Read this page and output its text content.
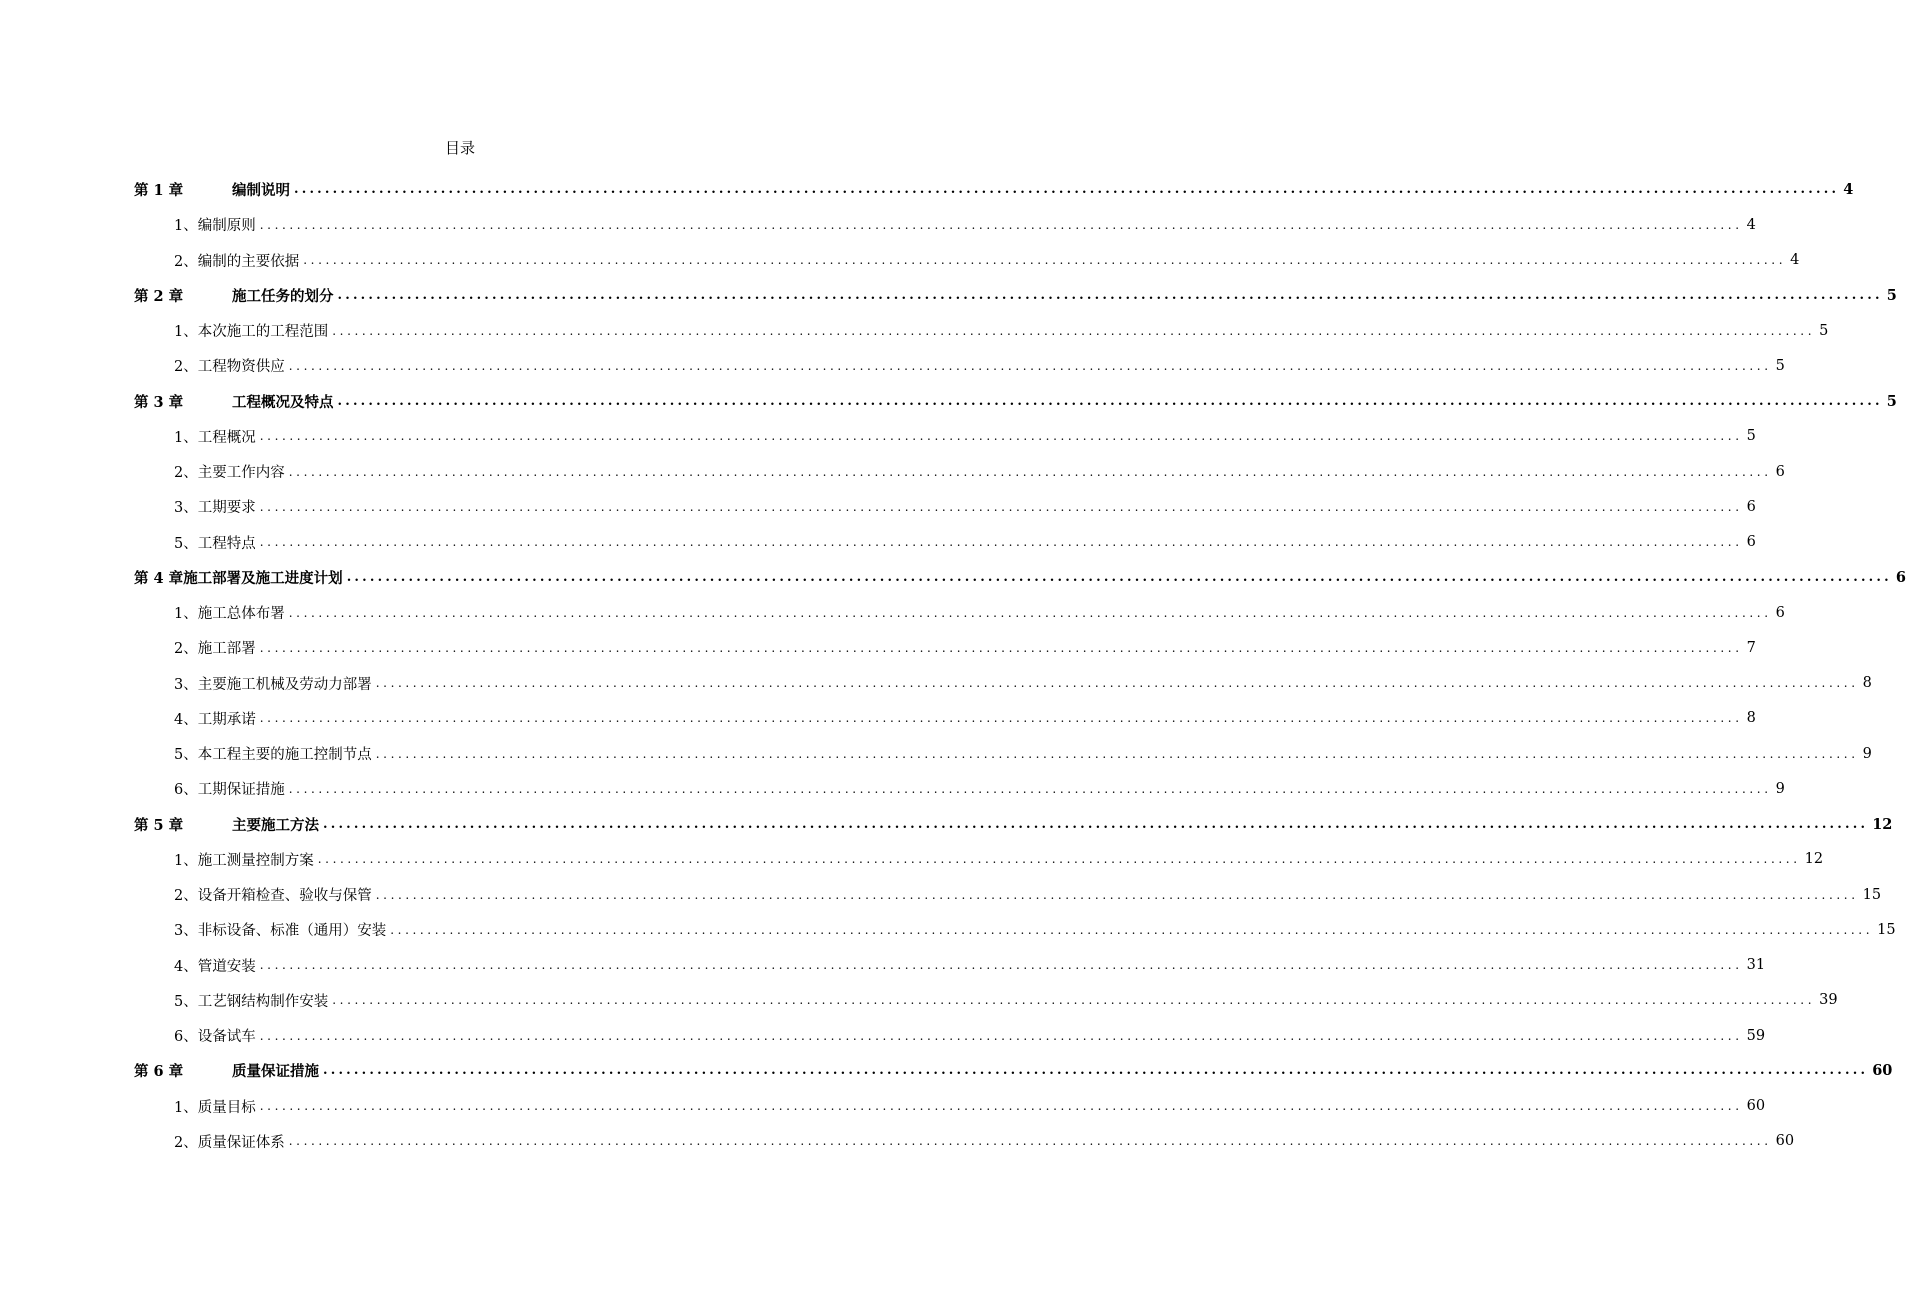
目录
第 1 章	编制说明 ........................................................................................................................................................................................................ 4
1、编制原则 ........................................................................................................................................................................................................ 4
2、编制的主要依据 ........................................................................................................................................................................................................ 4
第 2 章	施工任务的划分 ........................................................................................................................................................................................................ 5
1、本次施工的工程范围 ........................................................................................................................................................................................................ 5
2、工程物资供应 ........................................................................................................................................................................................................ 5
第 3 章	工程概况及特点 ........................................................................................................................................................................................................ 5
1、工程概况 ........................................................................................................................................................................................................ 5
2、主要工作内容 ........................................................................................................................................................................................................ 6
3、工期要求 ........................................................................................................................................................................................................ 6
5、工程特点 ........................................................................................................................................................................................................ 6
第 4 章 施工部署及施工进度计划 ........................................................................................................................................................................................................ 6
1、施工总体布署 ........................................................................................................................................................................................................ 6
2、施工部署 ........................................................................................................................................................................................................ 7
3、主要施工机械及劳动力部署 ........................................................................................................................................................................................................ 8
4、工期承诺 ........................................................................................................................................................................................................ 8
5、本工程主要的施工控制节点 ........................................................................................................................................................................................................ 9
6、工期保证措施 ........................................................................................................................................................................................................ 9
第 5 章	主要施工方法 ........................................................................................................................................................................................................ 12
1、施工测量控制方案 ........................................................................................................................................................................................................ 12
2、设备开箱检查、验收与保管 ........................................................................................................................................................................................................ 15
3、非标设备、标准（通用）安装 ........................................................................................................................................................................................................ 15
4、管道安装 ........................................................................................................................................................................................................ 31
5、工艺钢结构制作安装 ........................................................................................................................................................................................................ 39
6、设备试车 ........................................................................................................................................................................................................ 59
第 6 章	质量保证措施 ........................................................................................................................................................................................................ 60
1、质量目标 ........................................................................................................................................................................................................ 60
2、质量保证体系 ........................................................................................................................................................................................................ 60
